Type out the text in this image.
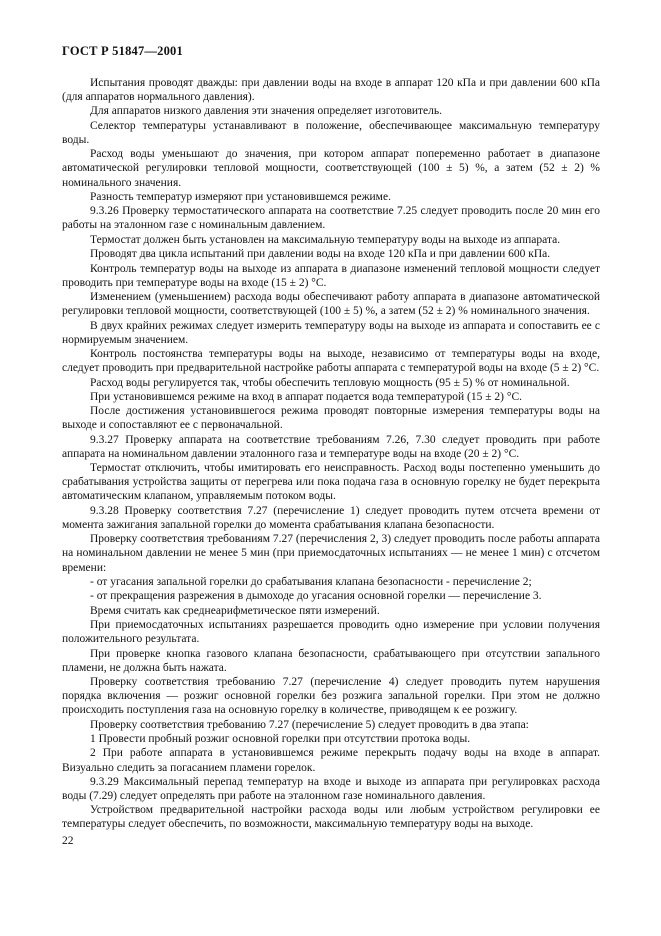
ГОСТ Р 51847—2001

Испытания проводят дважды: при давлении воды на входе в аппарат 120 кПа и при давлении 600 кПа (для аппаратов нормального давления).

Для аппаратов низкого давления эти значения определяет изготовитель.

Селектор температуры устанавливают в положение, обеспечивающее максимальную температуру воды.

Расход воды уменьшают до значения, при котором аппарат попеременно работает в диапазоне автоматической регулировки тепловой мощности, соответствующей (100 ± 5) %, а затем (52 ± 2) % номинального значения.

Разность температур измеряют при установившемся режиме.

9.3.26 Проверку термостатического аппарата на соответствие 7.25 следует проводить после 20 мин его работы на эталонном газе с номинальным давлением.

Термостат должен быть установлен на максимальную температуру воды на выходе из аппарата.

Проводят два цикла испытаний при давлении воды на входе 120 кПа и при давлении 600 кПа.

Контроль температур воды на выходе из аппарата в диапазоне изменений тепловой мощности следует проводить при температуре воды на входе (15 ± 2) °С.

Изменением (уменьшением) расхода воды обеспечивают работу аппарата в диапазоне автоматической регулировки тепловой мощности, соответствующей (100 ± 5) %, а затем (52 ± 2) % номинального значения.

В двух крайних режимах следует измерить температуру воды на выходе из аппарата и сопоставить ее с нормируемым значением.

Контроль постоянства температуры воды на выходе, независимо от температуры воды на входе, следует проводить при предварительной настройке работы аппарата с температурой воды на входе (5 ± 2) °С.

Расход воды регулируется так, чтобы обеспечить тепловую мощность (95 ± 5) % от номинальной.

При установившемся режиме на вход в аппарат подается вода температурой (15 ± 2) °С.

После достижения установившегося режима проводят повторные измерения температуры воды на выходе и сопоставляют ее с первоначальной.

9.3.27 Проверку аппарата на соответствие требованиям 7.26, 7.30 следует проводить при работе аппарата на номинальном давлении эталонного газа и температуре воды на входе (20 ± 2) °С.

Термостат отключить, чтобы имитировать его неисправность. Расход воды постепенно уменьшить до срабатывания устройства защиты от перегрева или пока подача газа в основную горелку не будет перекрыта автоматическим клапаном, управляемым потоком воды.

9.3.28 Проверку соответствия 7.27 (перечисление 1) следует проводить путем отсчета времени от момента зажигания запальной горелки до момента срабатывания клапана безопасности.

Проверку соответствия требованиям 7.27 (перечисления 2, 3) следует проводить после работы аппарата на номинальном давлении не менее 5 мин (при приемосдаточных испытаниях — не менее 1 мин) с отсчетом времени:

- от угасания запальной горелки до срабатывания клапана безопасности - перечисление 2;

- от прекращения разрежения в дымоходе до угасания основной горелки — перечисление 3.

Время считать как среднеарифметическое пяти измерений.

При приемосдаточных испытаниях разрешается проводить одно измерение при условии получения положительного результата.

При проверке кнопка газового клапана безопасности, срабатывающего при отсутствии запального пламени, не должна быть нажата.

Проверку соответствия требованию 7.27 (перечисление 4) следует проводить путем нарушения порядка включения — розжиг основной горелки без розжига запальной горелки. При этом не должно происходить поступления газа на основную горелку в количестве, приводящем к ее розжигу.

Проверку соответствия требованию 7.27 (перечисление 5) следует проводить в два этапа:

1 Провести пробный розжиг основной горелки при отсутствии протока воды.

2 При работе аппарата в установившемся режиме перекрыть подачу воды на входе в аппарат. Визуально следить за погасанием пламени горелок.

9.3.29 Максимальный перепад температур на входе и выходе из аппарата при регулировках расхода воды (7.29) следует определять при работе на эталонном газе номинального давления.

Устройством предварительной настройки расхода воды или любым устройством регулировки ее температуры следует обеспечить, по возможности, максимальную температуру воды на выходе.

22
